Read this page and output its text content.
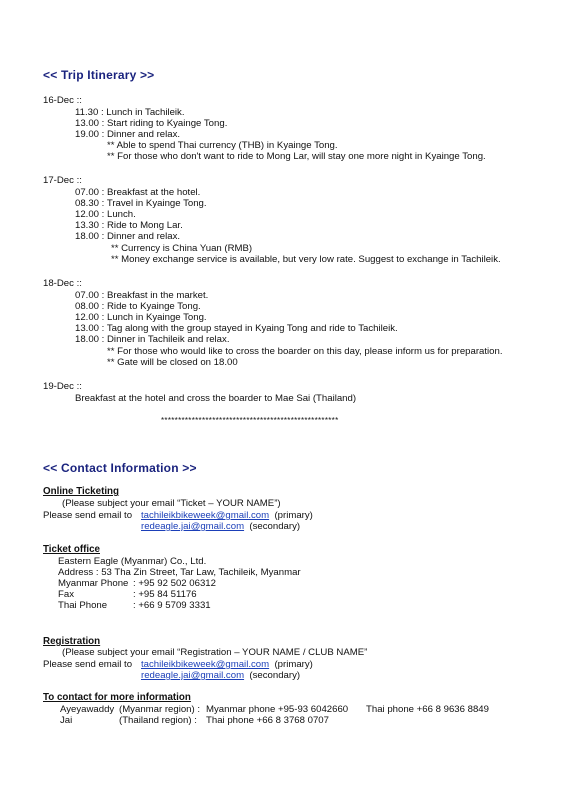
<< Trip Itinerary >>
16-Dec ::
11.30 : Lunch in Tachileik.
13.00 : Start riding to Kyainge Tong.
19.00 : Dinner and relax.
** Able to spend Thai currency (THB) in Kyainge Tong.
** For those who don't want to ride to Mong Lar, will stay one more night in Kyainge Tong.
17-Dec ::
07.00 : Breakfast at the hotel.
08.30 : Travel in Kyainge Tong.
12.00 : Lunch.
13.30 : Ride to Mong Lar.
18.00 : Dinner and relax.
** Currency is China Yuan (RMB)
** Money exchange service is available, but very low rate. Suggest to exchange in Tachileik.
18-Dec ::
07.00 : Breakfast in the market.
08.00 : Ride to Kyainge Tong.
12.00 : Lunch in Kyainge Tong.
13.00 : Tag along with the group stayed in Kyaing Tong and ride to Tachileik.
18.00 : Dinner in Tachileik and relax.
** For those who would like to cross the boarder on this day, please inform us for preparation.
** Gate will be closed on 18.00
19-Dec ::
Breakfast at the hotel and cross the boarder to Mae Sai (Thailand)
****************************************************
<< Contact Information >>
Online Ticketing
(Please subject your email “Ticket – YOUR NAME”)
Please send email to tachileikbikeweek@gmail.com (primary)
redeagle.jai@gmail.com (secondary)
Ticket office
Eastern Eagle (Myanmar) Co., Ltd.
Address : 53 Tha Zin Street, Tar Law, Tachileik, Myanmar
Myanmar Phone : +95 92 502 06312
Fax	: +95 84 51176
Thai Phone	: +66 9 5709 3331
Registration
(Please subject your email “Registration – YOUR NAME / CLUB NAME”
Please send email to tachileikbikeweek@gmail.com (primary)
redeagle.jai@gmail.com (secondary)
To contact for more information
Ayeyawaddy (Myanmar region) : Myanmar phone +95-93 6042660 Thai phone +66 8 9636 8849
Jai	(Thailand region) : Thai phone +66 8 3768 0707
